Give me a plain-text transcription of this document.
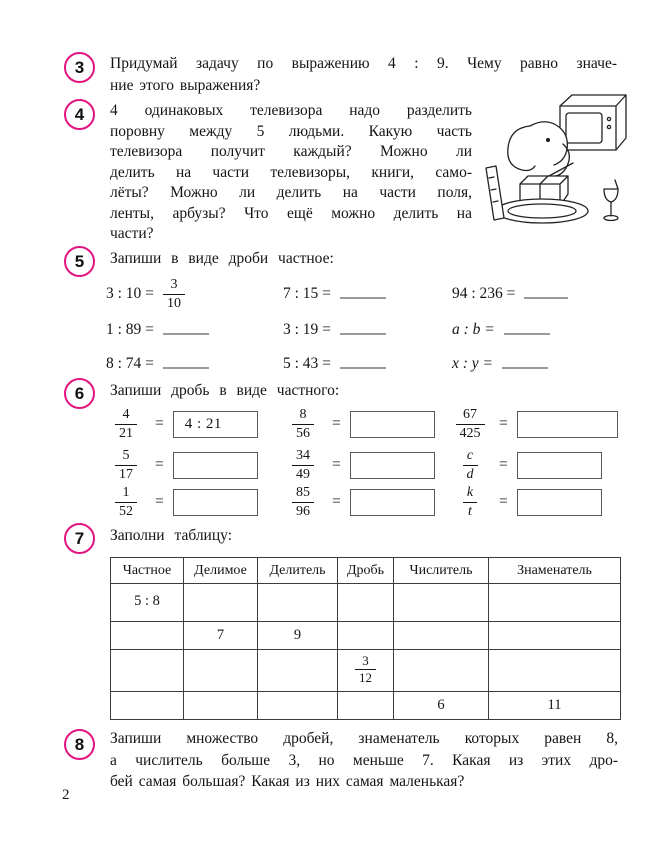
3	Придумай задачу по выражению 4 : 9. Чему равно значе-
ние этого выражения?
4	4 одинаковых телевизора надо разделить
поровну между 5 людьми. Какую часть
телевизора получит каждый? Можно ли
делить на части телевизоры, книги, само-
лёты? Можно ли делить на части поля,
ленты, арбузы? Что ещё можно делить на
части?
5	Запиши в виде дроби частное:
3 : $10 = \frac{3}{10}$	7 : 15 =	94 : 236 =
1 : 89 =	3 : 19 =	a : b =
8 : 74 =	5 : 43 =	x : y =
6	Запиши дробь в виде частного:
$\frac{4}{21}$ =	4 : 21	$\frac{8}{56}$ =	$\frac{67}{425}$ =
$\frac{5}{17}$ =	$\frac{34}{49}$ =	$\frac{c}{d}$ =
$\frac{1}{52}$ =	$\frac{85}{96}$ =	$\frac{k}{t}$ =
7	Заполни таблицу:
Частное	Делимое	Делитель	Дробь	Числитель	Знаменатель
5 : 8					
	7	9			

			$\frac{3}{12}$

				6	11
8	Запиши множество дробей, знаменатель которых равен 8,
а числитель больше 3, но меньше 7. Какая из этих дро-
бей самая большая? Какая из них самая маленькая?
2
